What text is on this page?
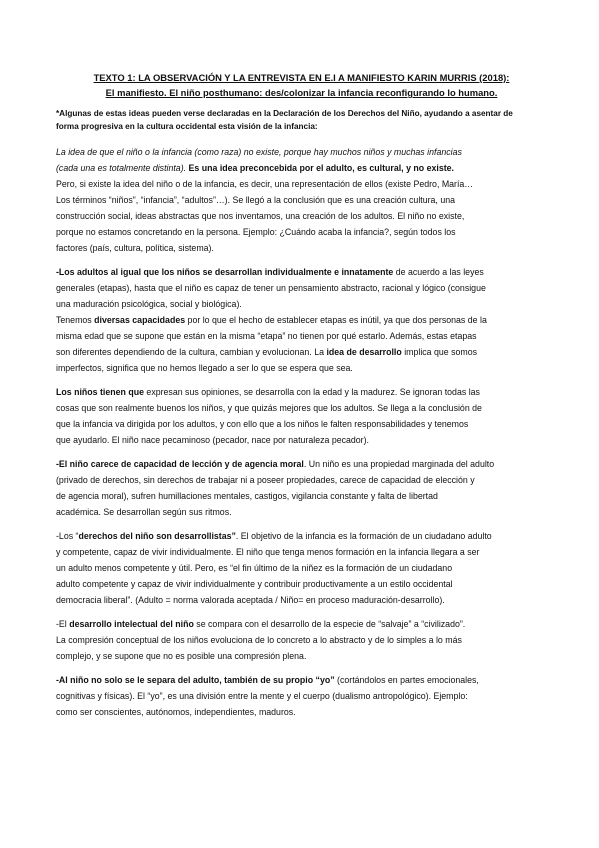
TEXTO 1: LA OBSERVACIÓN Y LA ENTREVISTA EN E.I A MANIFIESTO KARIN MURRIS (2018):
El manifiesto. El niño posthumano: des/colonizar la infancia reconfigurando lo humano.

*Algunas de estas ideas pueden verse declaradas en la Declaración de los Derechos del Niño, ayudando a asentar de
forma progresiva en la cultura occidental esta visión de la infancia:

La idea de que el niño o la infancia (como raza) no existe, porque hay muchos niños y muchas infancias
(cada una es totalmente distinta). Es una idea preconcebida por el adulto, es cultural, y no existe.
Pero, si existe la idea del niño o de la infancia, es decir, una representación de ellos (existe Pedro, María…
Los términos “niños”, “infancia”, “adultos”…). Se llegó a la conclusión que es una creación cultura, una
construcción social, ideas abstractas que nos inventamos, una creación de los adultos. El niño no existe,
porque no estamos concretando en la persona. Ejemplo: ¿Cuándo acaba la infancia?, según todos los
factores (país, cultura, política, sistema).

-Los adultos al igual que los niños se desarrollan individualmente e innatamente de acuerdo a las leyes
generales (etapas), hasta que el niño es capaz de tener un pensamiento abstracto, racional y lógico (consigue
una maduración psicológica, social y biológica).
Tenemos diversas capacidades por lo que el hecho de establecer etapas es inútil, ya que dos personas de la
misma edad que se supone que están en la misma “etapa” no tienen por qué estarlo. Además, estas etapas
son diferentes dependiendo de la cultura, cambian y evolucionan. La idea de desarrollo implica que somos
imperfectos, significa que no hemos llegado a ser lo que se espera que sea.

Los niños tienen que expresan sus opiniones, se desarrolla con la edad y la madurez. Se ignoran todas las
cosas que son realmente buenos los niños, y que quizás mejores que los adultos. Se llega a la conclusión de
que la infancia va dirigida por los adultos, y con ello que a los niños le falten responsabilidades y tenemos
que ayudarlo. El niño nace pecaminoso (pecador, nace por naturaleza pecador).

-El niño carece de capacidad de lección y de agencia moral. Un niño es una propiedad marginada del adulto
(privado de derechos, sin derechos de trabajar ni a poseer propiedades, carece de capacidad de elección y
de agencia moral), sufren humillaciones mentales, castigos, vigilancia constante y falta de libertad
académica. Se desarrollan según sus ritmos.

-Los “derechos del niño son desarrollistas”. El objetivo de la infancia es la formación de un ciudadano adulto
y competente, capaz de vivir individualmente. El niño que tenga menos formación en la infancia llegara a ser
un adulto menos competente y útil. Pero, es “el fin último de la niñez es la formación de un ciudadano
adulto competente y capaz de vivir individualmente y contribuir productivamente a un estilo occidental
democracia liberal”. (Adulto = norma valorada aceptada / Niño= en proceso maduración-desarrollo).

-El desarrollo intelectual del niño se compara con el desarrollo de la especie de “salvaje” a “civilizado”.
La compresión conceptual de los niños evoluciona de lo concreto a lo abstracto y de lo simples a lo más
complejo, y se supone que no es posible una compresión plena.

-Al niño no solo se le separa del adulto, también de su propio “yo” (cortándolos en partes emocionales,
cognitivas y físicas). El “yo”, es una división entre la mente y el cuerpo (dualismo antropológico). Ejemplo:
como ser conscientes, autónomos, independientes, maduros.
